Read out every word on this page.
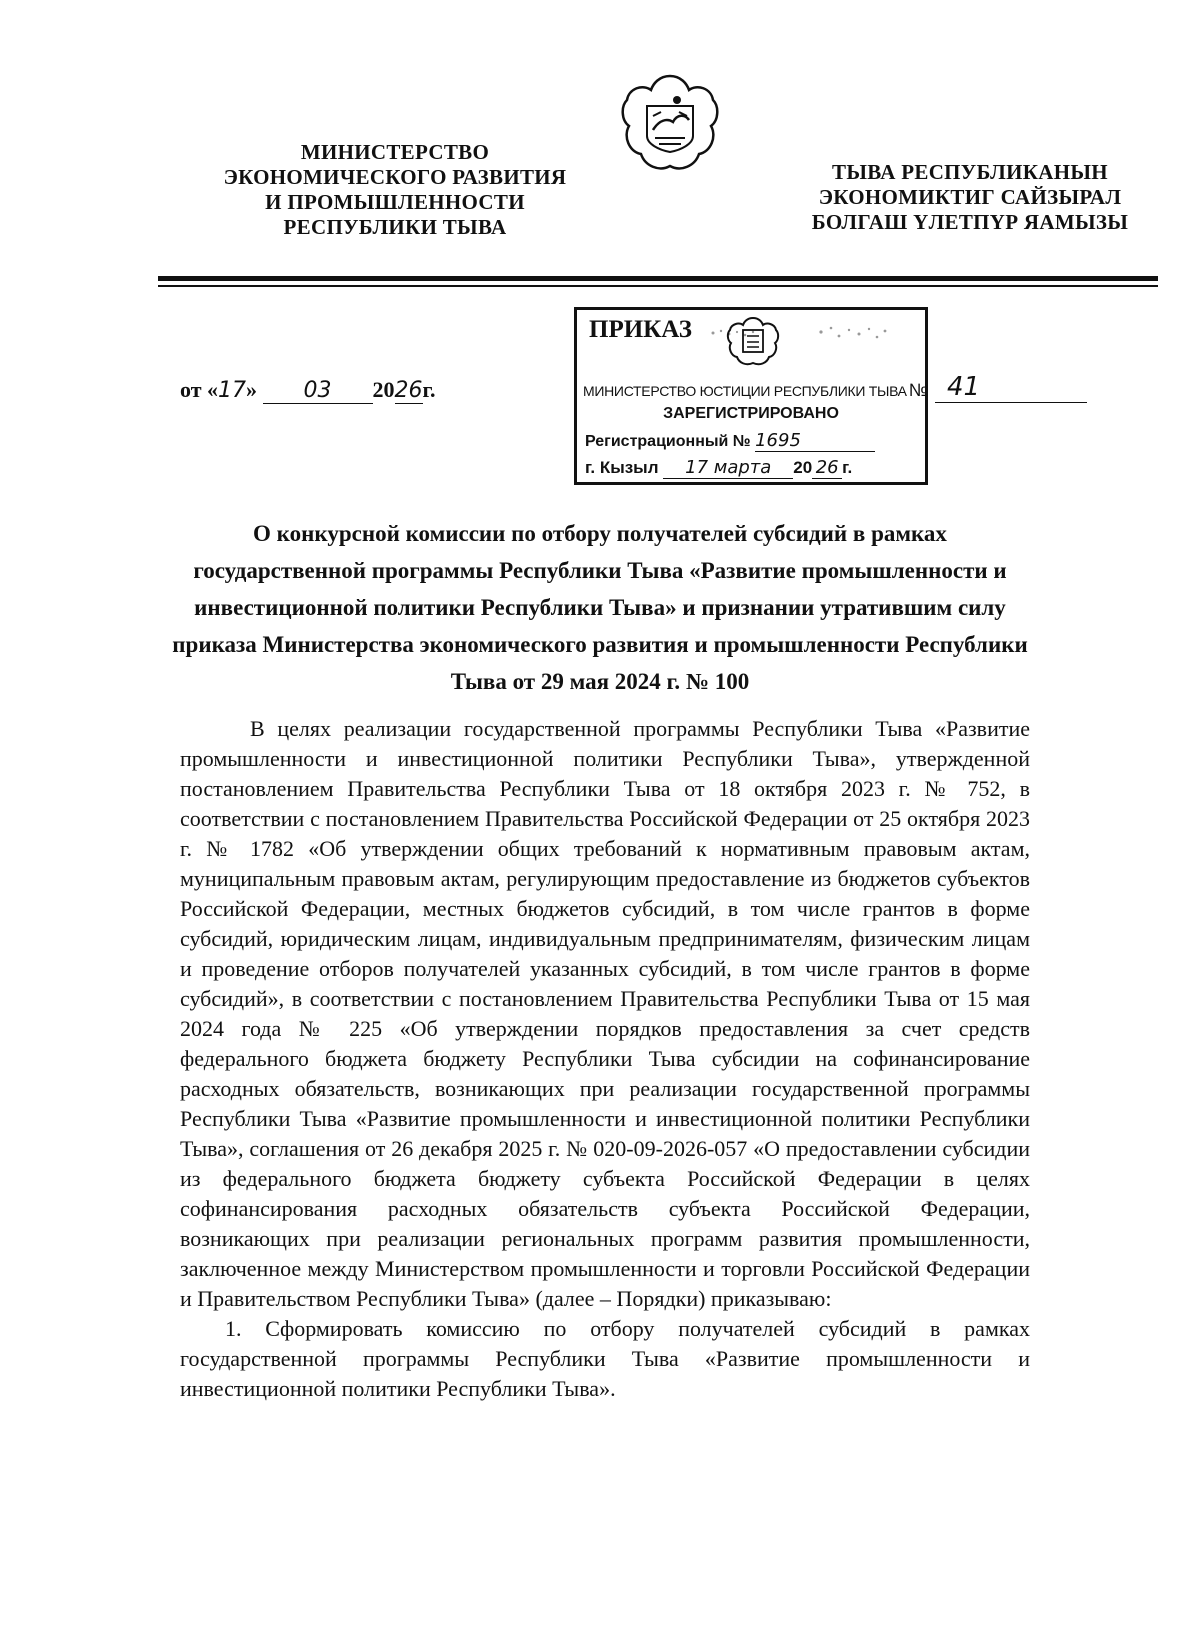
МИНИСТЕРСТВО
ЭКОНОМИЧЕСКОГО РАЗВИТИЯ
И ПРОМЫШЛЕННОСТИ
РЕСПУБЛИКИ ТЫВА
ТЫВА РЕСПУБЛИКАНЫН
ЭКОНОМИКТИГ САЙЗЫРАЛ
БОЛГАШ ҮЛЕТПҮР ЯАМЫЗЫ
от «17» 03 2026г.	41
ПРИКАЗ
МИНИСТЕРСТВО ЮСТИЦИИ РЕСПУБЛИКИ ТЫВА №
ЗАРЕГИСТРИРОВАНО
Регистрационный № 1695
г. Кызыл 17 марта 20 26 г.
О конкурсной комиссии по отбору получателей субсидий в рамках государственной программы Республики Тыва «Развитие промышленности и инвестиционной политики Республики Тыва» и признании утратившим силу приказа Министерства экономического развития и промышленности Республики Тыва от 29 мая 2024 г. № 100

В целях реализации государственной программы Республики Тыва «Развитие промышленности и инвестиционной политики Республики Тыва», утвержденной постановлением Правительства Республики Тыва от 18 октября 2023 г. № 752, в соответствии с постановлением Правительства Российской Федерации от 25 октября 2023 г. № 1782 «Об утверждении общих требований к нормативным правовым актам, муниципальным правовым актам, регулирующим предоставление из бюджетов субъектов Российской Федерации, местных бюджетов субсидий, в том числе грантов в форме субсидий, юридическим лицам, индивидуальным предпринимателям, физическим лицам и проведение отборов получателей указанных субсидий, в том числе грантов в форме субсидий», в соответствии с постановлением Правительства Республики Тыва от 15 мая 2024 года № 225 «Об утверждении порядков предоставления за счет средств федерального бюджета бюджету Республики Тыва субсидии на софинансирование расходных обязательств, возникающих при реализации государственной программы Республики Тыва «Развитие промышленности и инвестиционной политики Республики Тыва», соглашения от 26 декабря 2025 г. № 020-09-2026-057 «О предоставлении субсидии из федерального бюджета бюджету субъекта Российской Федерации в целях софинансирования расходных обязательств субъекта Российской Федерации, возникающих при реализации региональных программ развития промышленности, заключенное между Министерством промышленности и торговли Российской Федерации и Правительством Республики Тыва» (далее – Порядки) приказываю:

1. Сформировать комиссию по отбору получателей субсидий в рамках государственной программы Республики Тыва «Развитие промышленности и инвестиционной политики Республики Тыва».
